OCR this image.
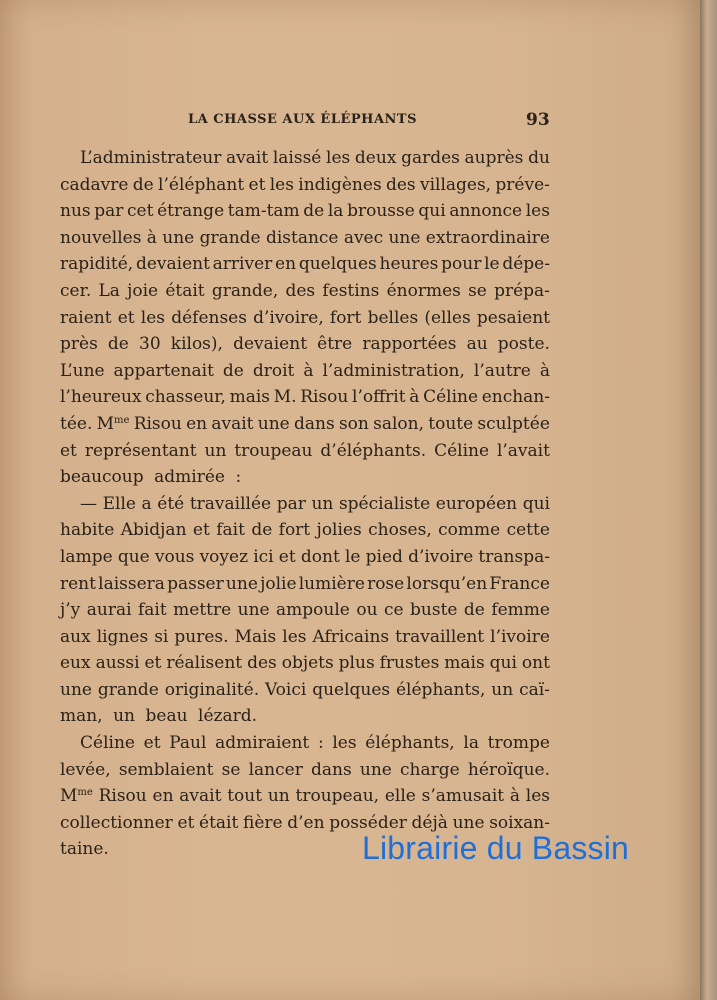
LA CHASSE AUX ÉLÉPHANTS	93
L’administrateur avait laissé les deux gardes auprès du
cadavre de l’éléphant et les indigènes des villages, préve-
nus par cet étrange tam-tam de la brousse qui annonce les
nouvelles à une grande distance avec une extraordinaire
rapidité, devaient arriver en quelques heures pour le dépe-
cer. La joie était grande, des festins énormes se prépa-
raient et les défenses d’ivoire, fort belles (elles pesaient
près de 30 kilos), devaient être rapportées au poste.
L’une appartenait de droit à l’administration, l’autre à
l’heureux chasseur, mais M. Risou l’offrit à Céline enchan-
tée. $M^{me}$ Risou en avait une dans son salon, toute sculptée
et représentant un troupeau d’éléphants. Céline l’avait
beaucoup admirée :
— Elle a été travaillée par un spécialiste européen qui
habite Abidjan et fait de fort jolies choses, comme cette
lampe que vous voyez ici et dont le pied d’ivoire transpa-
rent laissera passer une jolie lumière rose lorsqu’en France
j’y aurai fait mettre une ampoule ou ce buste de femme
aux lignes si pures. Mais les Africains travaillent l’ivoire
eux aussi et réalisent des objets plus frustes mais qui ont
une grande originalité. Voici quelques éléphants, un caï-
man, un beau lézard.
Céline et Paul admiraient : les éléphants, la trompe
levée, semblaient se lancer dans une charge héroïque.
$M^{me}$ Risou en avait tout un troupeau, elle s’amusait à les
collectionner et était fière d’en posséder déjà une soixan-
taine.	Librairie du Bassin
